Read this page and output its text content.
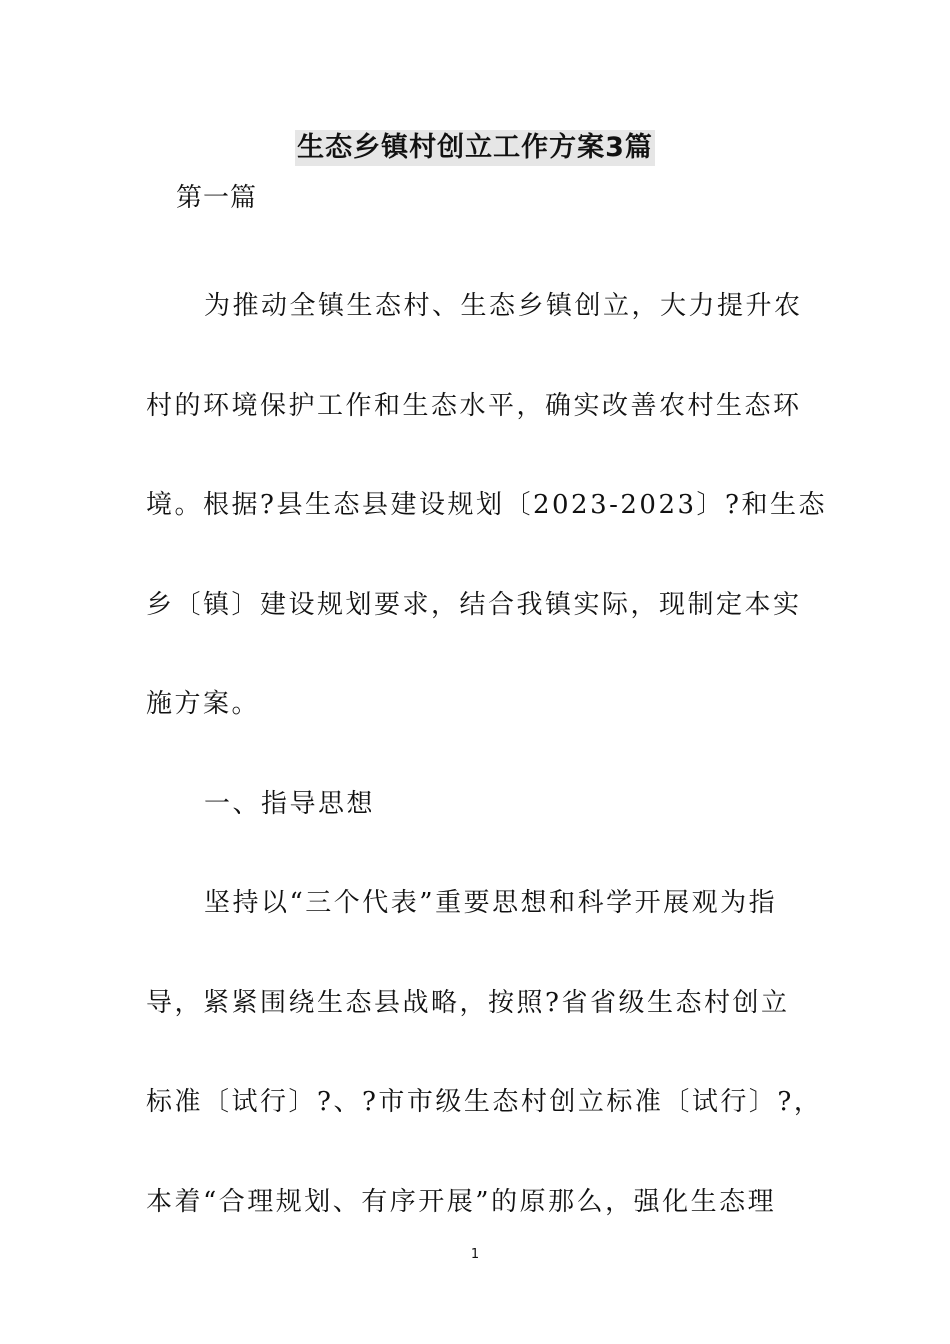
生态乡镇村创立工作方案3篇
第一篇
为推动全镇生态村、生态乡镇创立，大力提升农
村的环境保护工作和生态水平，确实改善农村生态环
境。根据?县生态县建设规划〔2023-2023〕?和生态
乡〔镇〕建设规划要求，结合我镇实际，现制定本实
施方案。
一、指导思想
坚持以“三个代表”重要思想和科学开展观为指
导，紧紧围绕生态县战略，按照?省省级生态村创立
标准〔试行〕?、?市市级生态村创立标准〔试行〕?，
本着“合理规划、有序开展”的原那么，强化生态理
1
